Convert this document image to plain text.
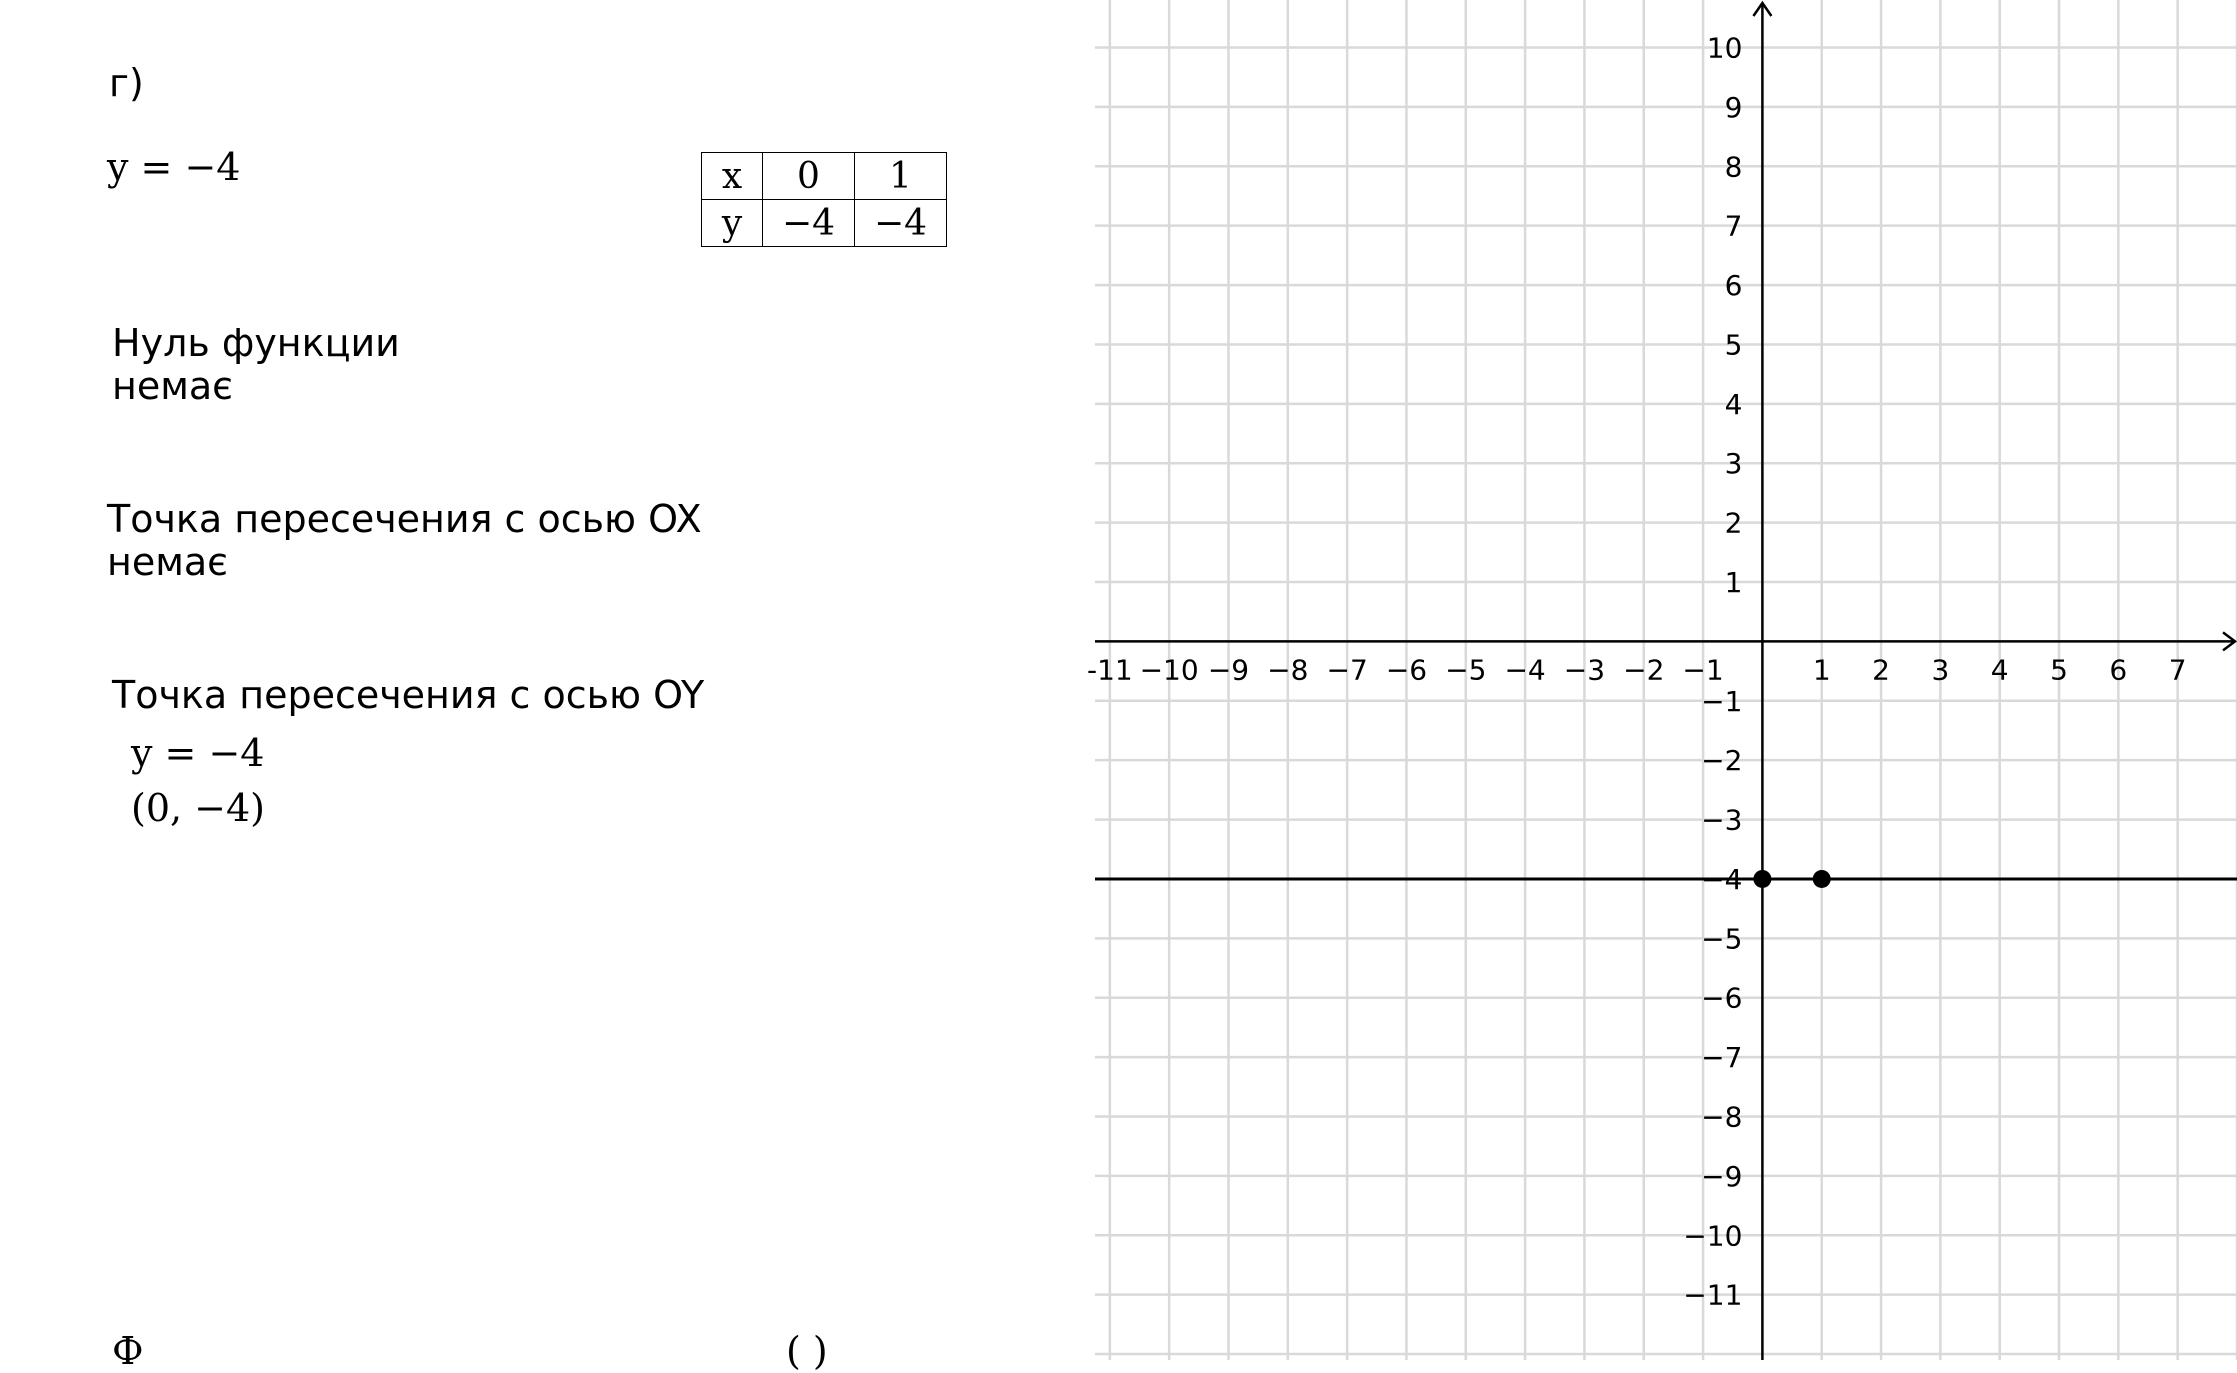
г)
y = −4	x	0	1
y	−4	−4
Нуль функции
немає
Точка пересечения с осью OX
немає
Точка пересечения с осью OY
y = −4
(0, −4)
Ф	( )
-11 −10 −9 −8 −7 −6 −5 −4 −3 −2 −1	1 2 3 4 5 6 7
10
9
8
7
6
5
4
3
2
1
−1
−2
−3
−4
−5
−6
−7
−8
−9
−10
−11
